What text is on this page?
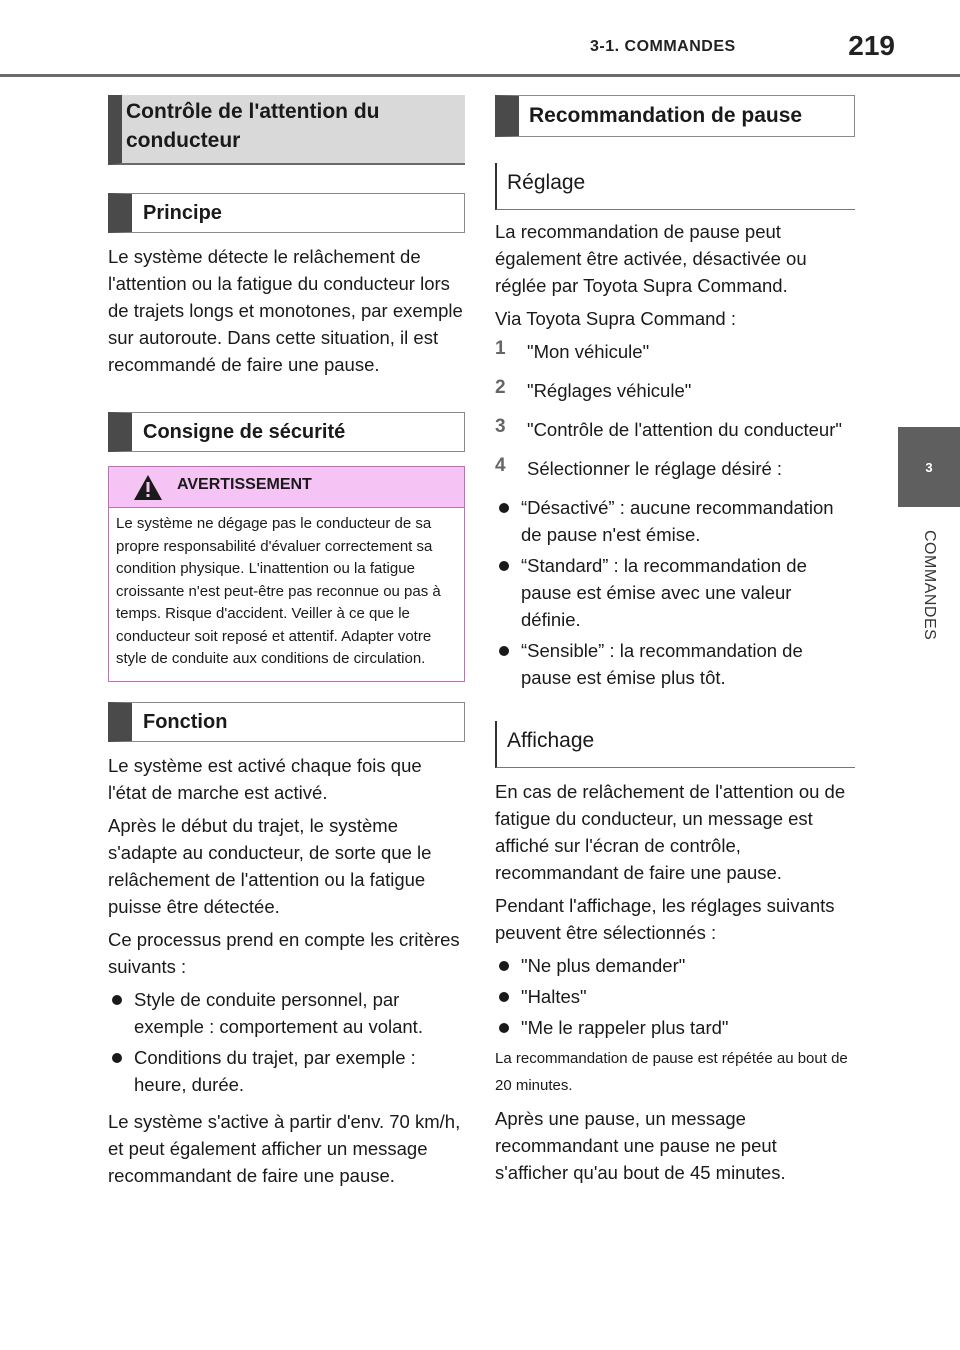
3-1. COMMANDES	219
3
COMMANDES
Contrôle de l'attention du conducteur
Principe

Le système détecte le relâchement de l'attention ou la fatigue du conducteur lors de trajets longs et monotones, par exemple sur autoroute. Dans cette situation, il est recommandé de faire une pause.

Consigne de sécurité
AVERTISSEMENT
Le système ne dégage pas le conducteur de sa propre responsabilité d'évaluer correctement sa condition physique. L'inattention ou la fatigue croissante n'est peut-être pas reconnue ou pas à temps. Risque d'accident. Veiller à ce que le conducteur soit reposé et attentif. Adapter votre style de conduite aux conditions de circulation.
Fonction

Le système est activé chaque fois que l'état de marche est activé.

Après le début du trajet, le système s'adapte au conducteur, de sorte que le relâchement de l'attention ou la fatigue puisse être détectée.

Ce processus prend en compte les critères suivants :

Style de conduite personnel, par exemple : comportement au volant.

Conditions du trajet, par exemple : heure, durée.

Le système s'active à partir d'env. 70 km/h, et peut également afficher un message recommandant de faire une pause.

Recommandation de pause
Réglage

La recommandation de pause peut également être activée, désactivée ou réglée par Toyota Supra Command.

Via Toyota Supra Command :

1 "Mon véhicule"

2 "Réglages véhicule"

3 "Contrôle de l'attention du conducteur"

4 Sélectionner le réglage désiré :

“Désactivé” : aucune recommandation de pause n'est émise.

“Standard” : la recommandation de pause est émise avec une valeur définie.

“Sensible” : la recommandation de pause est émise plus tôt.

Affichage

En cas de relâchement de l'attention ou de fatigue du conducteur, un message est affiché sur l'écran de contrôle, recommandant de faire une pause.

Pendant l'affichage, les réglages suivants peuvent être sélectionnés :

"Ne plus demander"

"Haltes"

"Me le rappeler plus tard"

La recommandation de pause est répétée au bout de 20 minutes.

Après une pause, un message recommandant une pause ne peut s'afficher qu'au bout de 45 minutes.
